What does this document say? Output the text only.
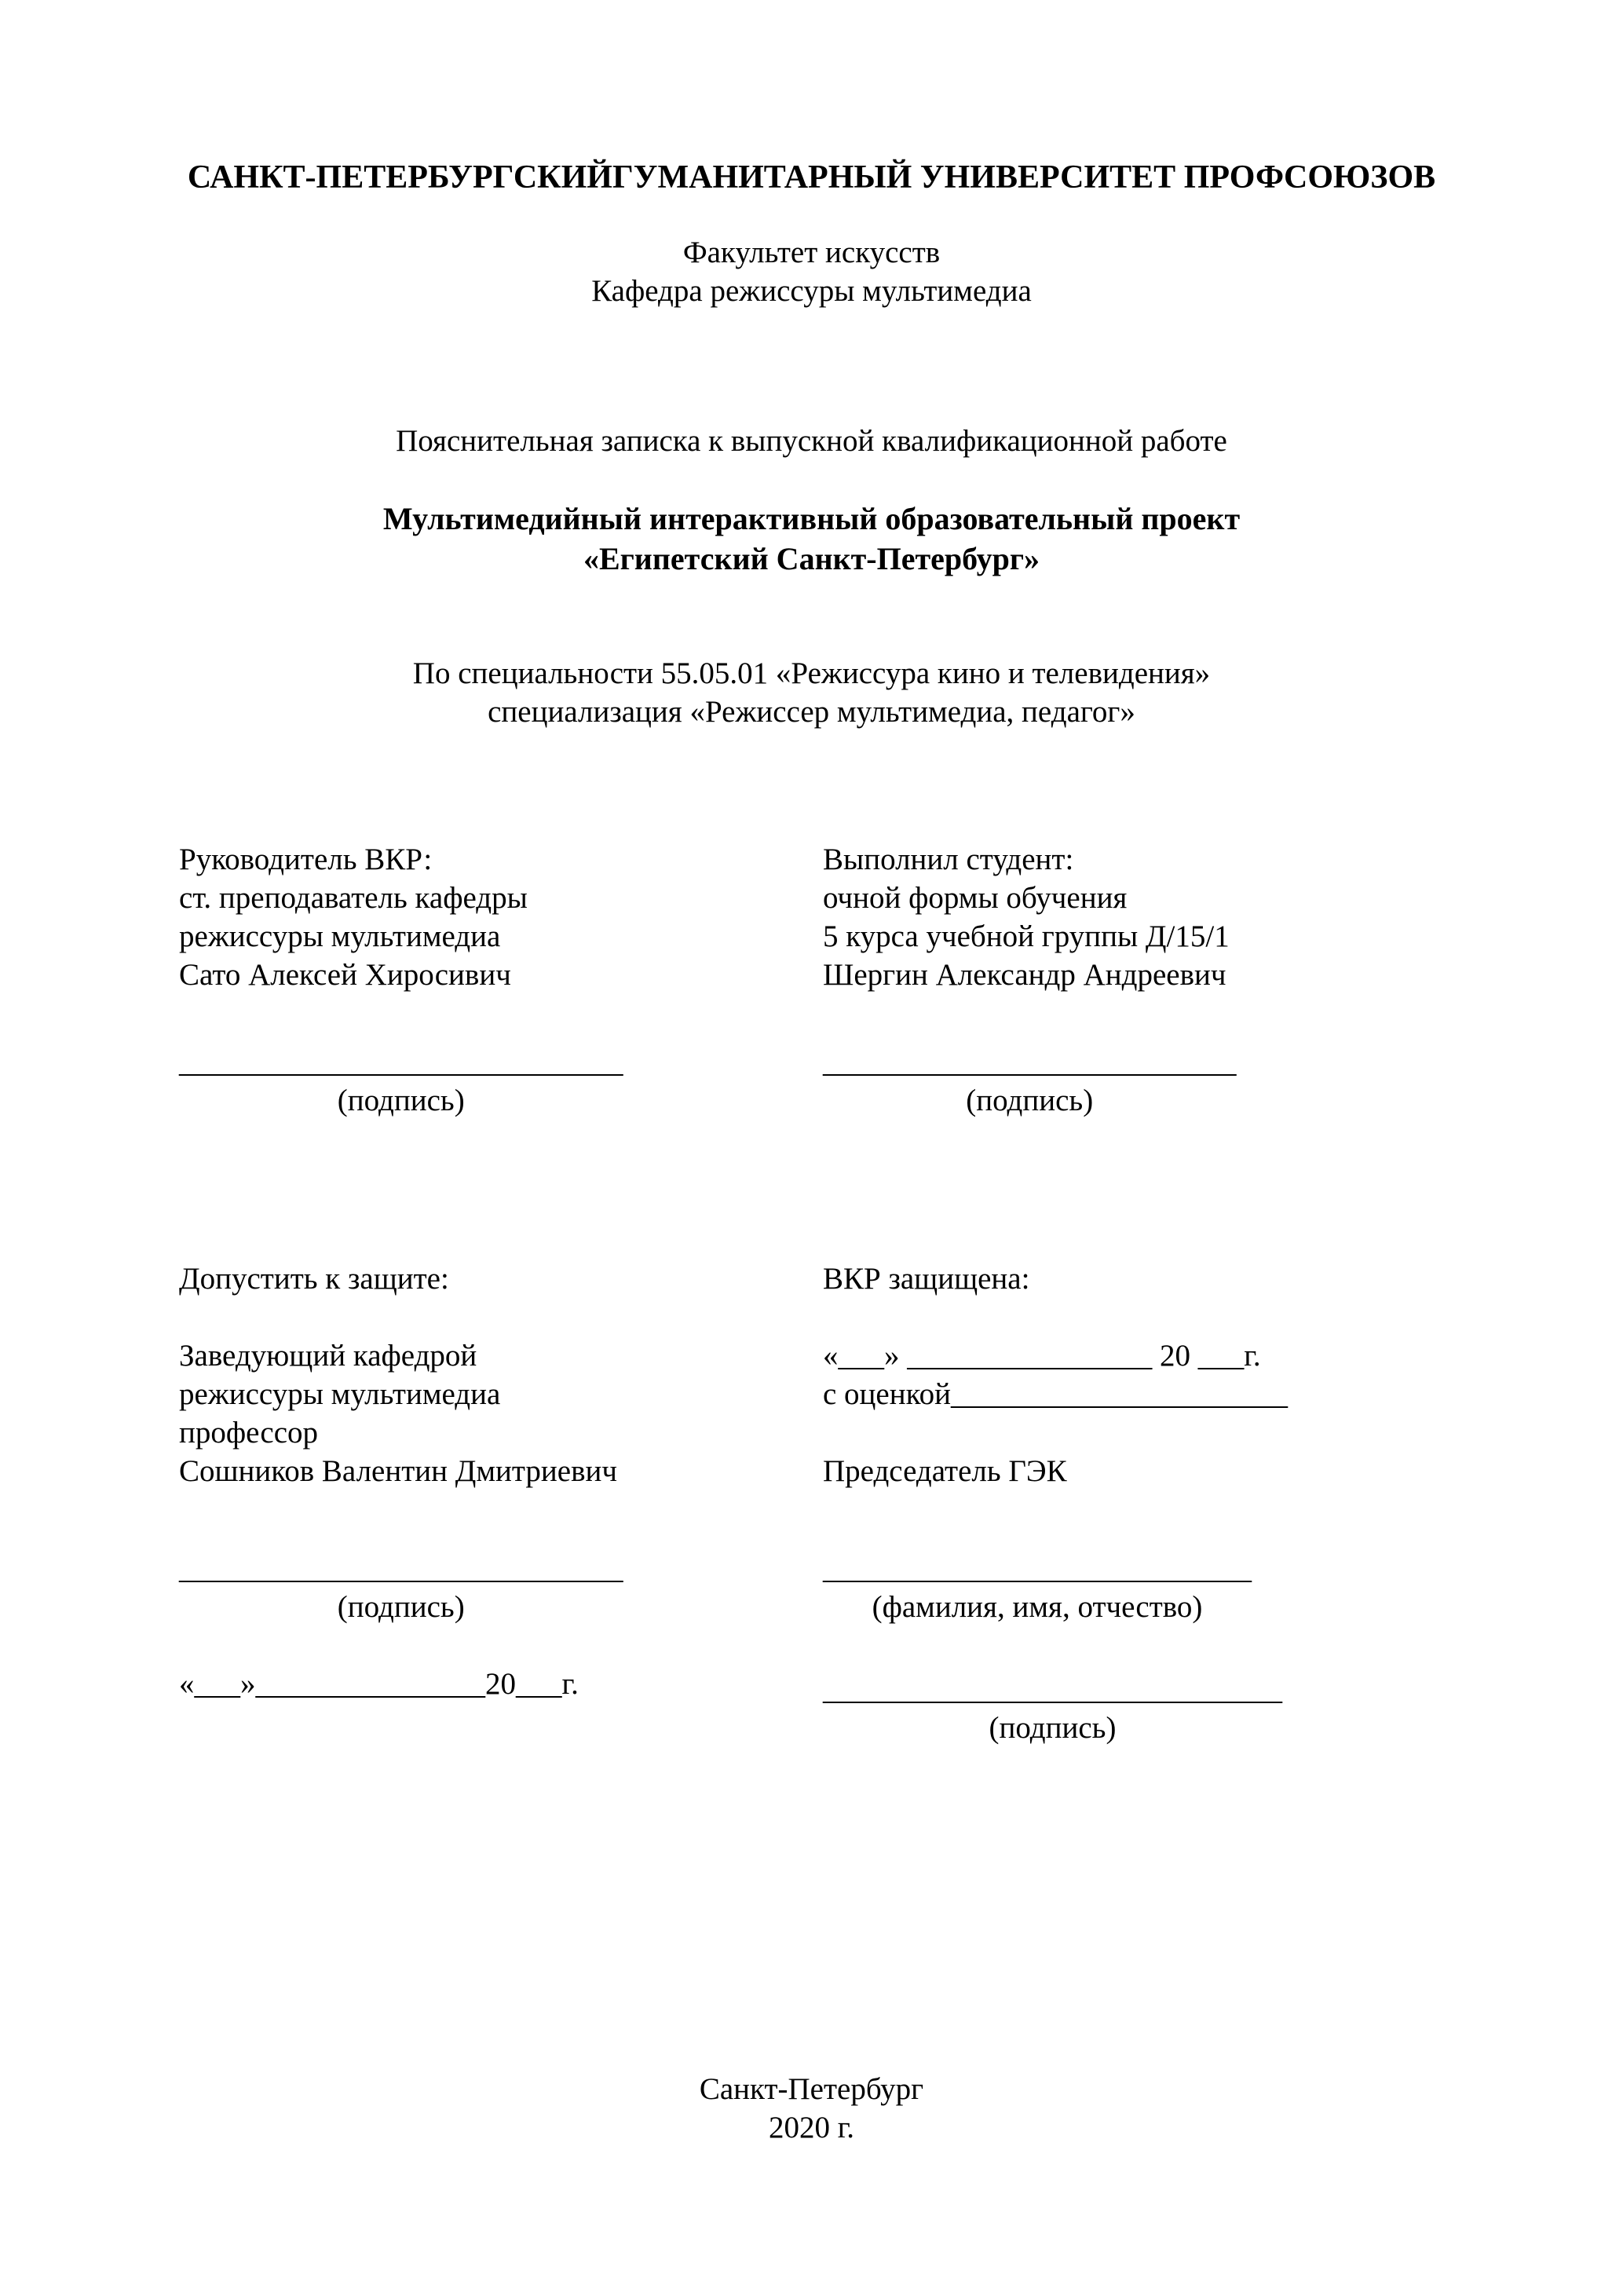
САНКТ-ПЕТЕРБУРГСКИЙГУМАНИТАРНЫЙ УНИВЕРСИТЕТ ПРОФСОЮЗОВ
Факультет искусств
Кафедра режиссуры мультимедиа
Пояснительная записка к выпускной квалификационной работе
Мультимедийный интерактивный образовательный проект
«Египетский Санкт-Петербург»
По специальности 55.05.01 «Режиссура кино и телевидения»
специализация «Режиссер мультимедиа, педагог»
Руководитель ВКР:
ст. преподаватель кафедры
режиссуры мультимедиа
Сато Алексей Хиросивич
_____________________________
(подпись)
Выполнил студент:
очной формы обучения
5 курса учебной группы Д/15/1
Шергин Александр Андреевич
___________________________
(подпись)
Допустить к защите:
Заведующий кафедрой
режиссуры мультимедиа
профессор
Сошников Валентин Дмитриевич
_____________________________
(подпись)
«___»_______________20___г.
ВКР защищена:
«___» ________________ 20 ___г.
с оценкой______________________
Председатель ГЭК
____________________________
(фамилия, имя, отчество)
______________________________
(подпись)
Санкт-Петербург
2020 г.
